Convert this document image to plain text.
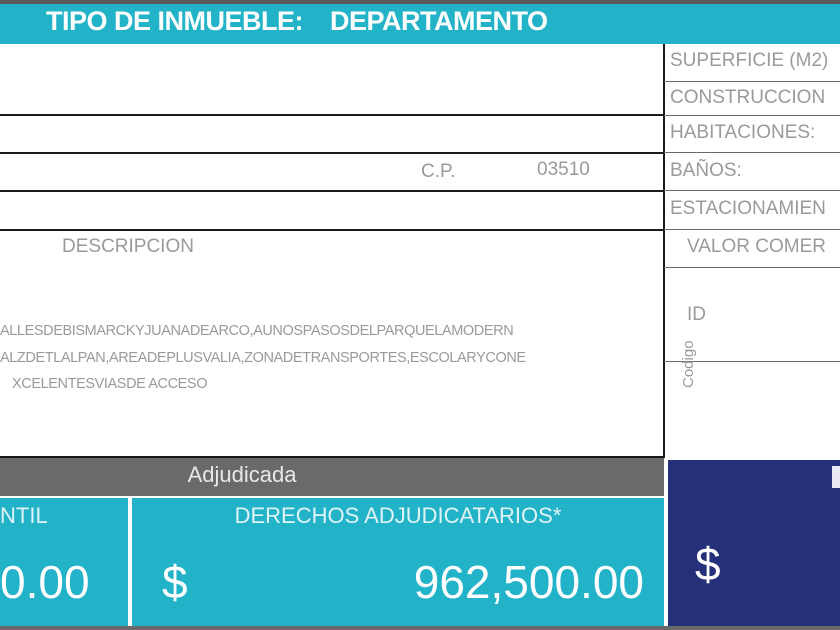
TIPO DE INMUEBLE: DEPARTAMENTO
C.P.	03510
SUPERFICIE (M2)
CONSTRUCCION
HABITACIONES:
BAÑOS:
ESTACIONAMIEN
VALOR COMER
ID
Codigo
DESCRIPCION
ALLESDEBISMARCKYJUANADEARCO,AUNOSPASOSDELPARQUELAMODERN
ALZDETLALPAN,AREADEPLUSVALIA,ZONADETRANSPORTES,ESCOLARYCONE
XCELENTESVIASDE ACCESO
Adjudicada
NTIL
0.00
DERECHOS ADJUDICATARIOS*
$	962,500.00 $
